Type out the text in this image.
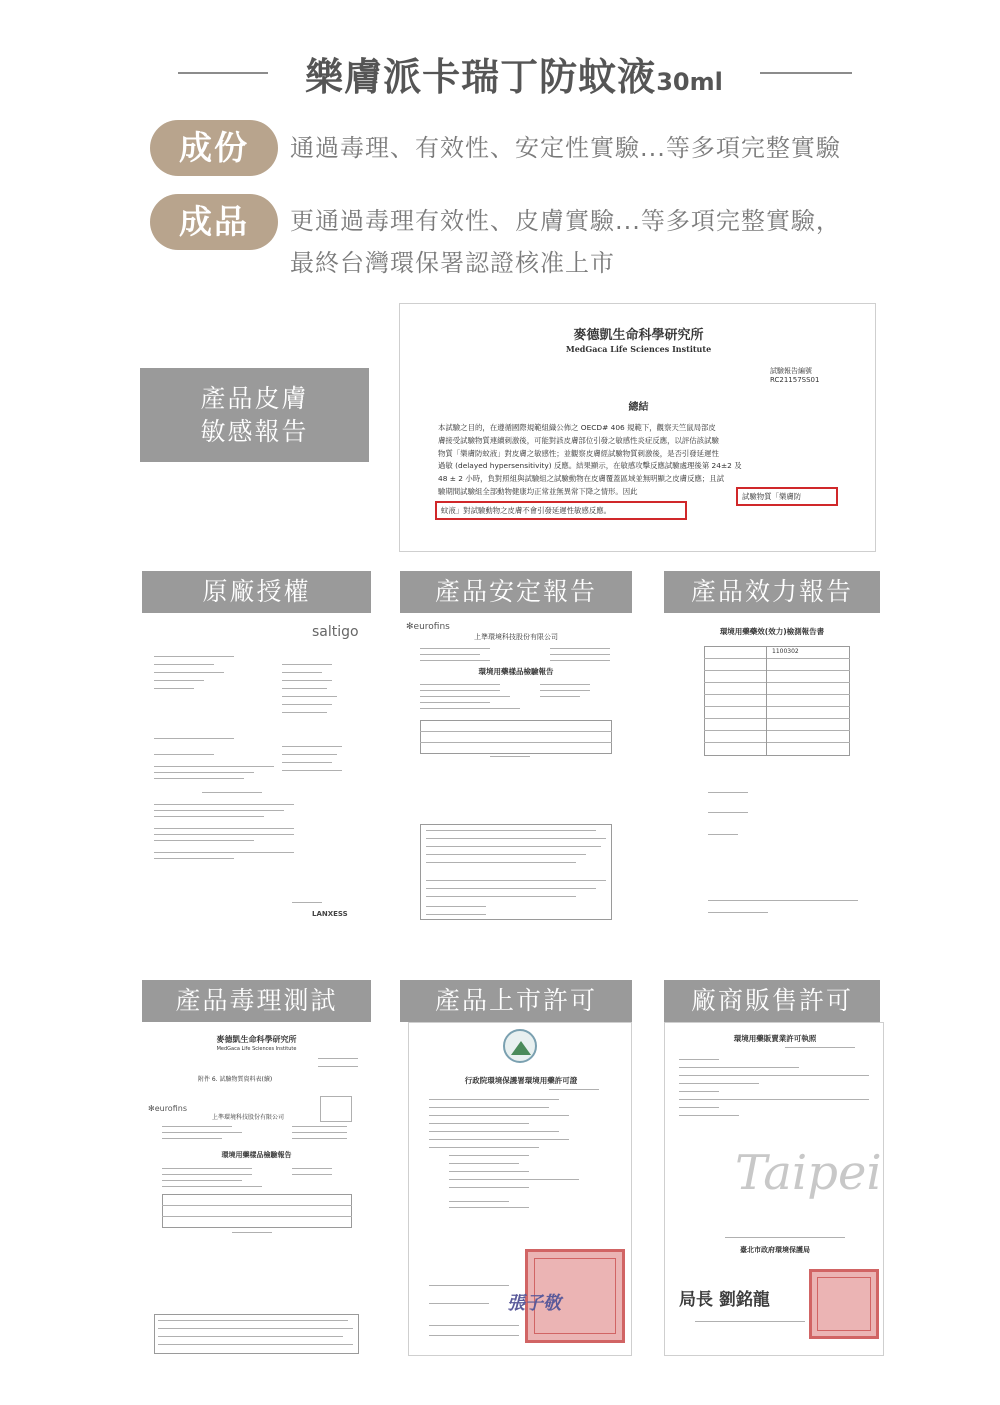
樂膚派卡瑞丁防蚊液30ml
成份	通過毒理、有效性、安定性實驗...等多項完整實驗
成品	更通過毒理有效性、皮膚實驗...等多項完整實驗，
最終台灣環保署認證核准上市
產品皮膚
敏感報告
麥德凱生命科學研究所
MedGaca Life Sciences Institute
試驗報告編號
RC21157SS01
總結
本試驗之目的，在遵循國際規範組織公佈之 OECD# 406 規範下，觀察天竺鼠局部皮
膚接受試驗物質連續刺激後，可能對該皮膚部位引發之敏感性炎症反應，以評估該試驗
物質「樂膚防蚊液」對皮膚之敏感性；並觀察皮膚經試驗物質刺激後，是否引發延遲性
過敏 (delayed hypersensitivity) 反應。結果顯示，在敏感攻擊反應試驗處理後第 24±2 及
48 ± 2 小時，負對照組與試驗組之試驗動物在皮膚覆蓋區域並無明顯之皮膚反應；且試
驗期間試驗組全部動物健康均正常並無異常下降之情形。因此
試驗物質「樂膚防
蚊液」對試驗動物之皮膚不會引發延遲性敏感反應。
原廠授權	產品安定報告	產品效力報告
saltigo
LANXESS
✻eurofins
上準環境科技股份有限公司
環境用藥樣品檢驗報告
環境用藥藥效(效力)檢測報告書
1100302
產品毒理測試	產品上市許可	廠商販售許可
麥德凱生命科學研究所
MedGaca Life Sciences Institute
附件 6. 試驗物質資料表(續)
✻eurofins
上準環境科技股份有限公司
環境用藥樣品檢驗報告
行政院環境保護署環境用藥許可證
張子敬
環境用藥販賣業許可執照
Taipei
臺北市政府環境保護局
局長 劉銘龍
